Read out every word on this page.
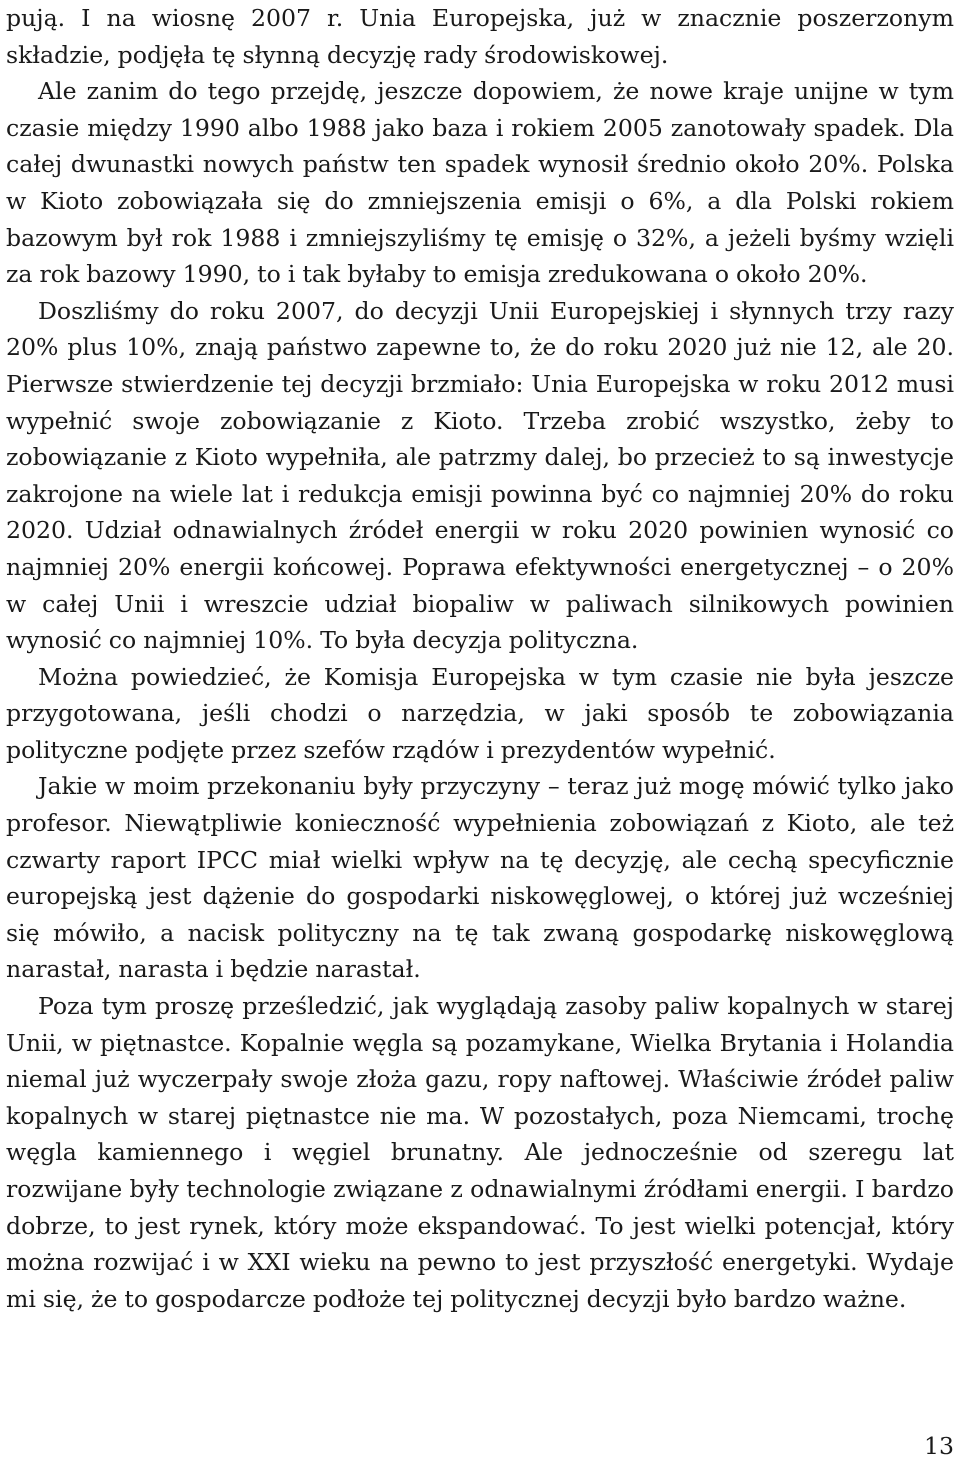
pują. I na wiosnę 2007 r. Unia Europejska, już w znacznie poszerzonym składzie, podjęła tę słynną decyzję rady środowiskowej.

Ale zanim do tego przejdę, jeszcze dopowiem, że nowe kraje unijne w tym czasie między 1990 albo 1988 jako baza i rokiem 2005 zanotowały spadek. Dla całej dwunastki nowych państw ten spadek wynosił średnio około 20%. Polska w Kioto zobowiązała się do zmniejszenia emisji o 6%, a dla Polski rokiem bazowym był rok 1988 i zmniejszyliśmy tę emisję o 32%, a jeżeli byśmy wzięli za rok bazowy 1990, to i tak byłaby to emisja zredukowana o około 20%.

Doszliśmy do roku 2007, do decyzji Unii Europejskiej i słynnych trzy razy 20% plus 10%, znają państwo zapewne to, że do roku 2020 już nie 12, ale 20. Pierwsze stwierdzenie tej decyzji brzmiało: Unia Europejska w roku 2012 musi wypełnić swoje zobowiązanie z Kioto. Trzeba zrobić wszystko, żeby to zobowiązanie z Kioto wypełniła, ale patrzmy dalej, bo przecież to są inwestycje zakrojone na wiele lat i redukcja emisji powinna być co najmniej 20% do roku 2020. Udział odnawialnych źródeł energii w roku 2020 powinien wynosić co najmniej 20% energii końcowej. Poprawa efektywności energetycznej – o 20% w całej Unii i wreszcie udział biopaliw w paliwach silnikowych powinien wynosić co najmniej 10%. To była decyzja polityczna.

Można powiedzieć, że Komisja Europejska w tym czasie nie była jeszcze przygotowana, jeśli chodzi o narzędzia, w jaki sposób te zobowiązania polityczne podjęte przez szefów rządów i prezydentów wypełnić.

Jakie w moim przekonaniu były przyczyny – teraz już mogę mówić tylko jako profesor. Niewątpliwie konieczność wypełnienia zobowiązań z Kioto, ale też czwarty raport IPCC miał wielki wpływ na tę decyzję, ale cechą specyficznie europejską jest dążenie do gospodarki niskowęglowej, o której już wcześniej się mówiło, a nacisk polityczny na tę tak zwaną gospodarkę niskowęglową narastał, narasta i będzie narastał.

Poza tym proszę prześledzić, jak wyglądają zasoby paliw kopalnych w starej Unii, w piętnastce. Kopalnie węgla są pozamykane, Wielka Brytania i Holandia niemal już wyczerpały swoje złoża gazu, ropy naftowej. Właściwie źródeł paliw kopalnych w starej piętnastce nie ma. W pozostałych, poza Niemcami, trochę węgla kamiennego i węgiel brunatny. Ale jednocześnie od szeregu lat rozwijane były technologie związane z odnawialnymi źródłami energii. I bardzo dobrze, to jest rynek, który może ekspandować. To jest wielki potencjał, który można rozwijać i w XXI wieku na pewno to jest przyszłość energetyki. Wydaje mi się, że to gospodarcze podłoże tej politycznej decyzji było bardzo ważne.

13
